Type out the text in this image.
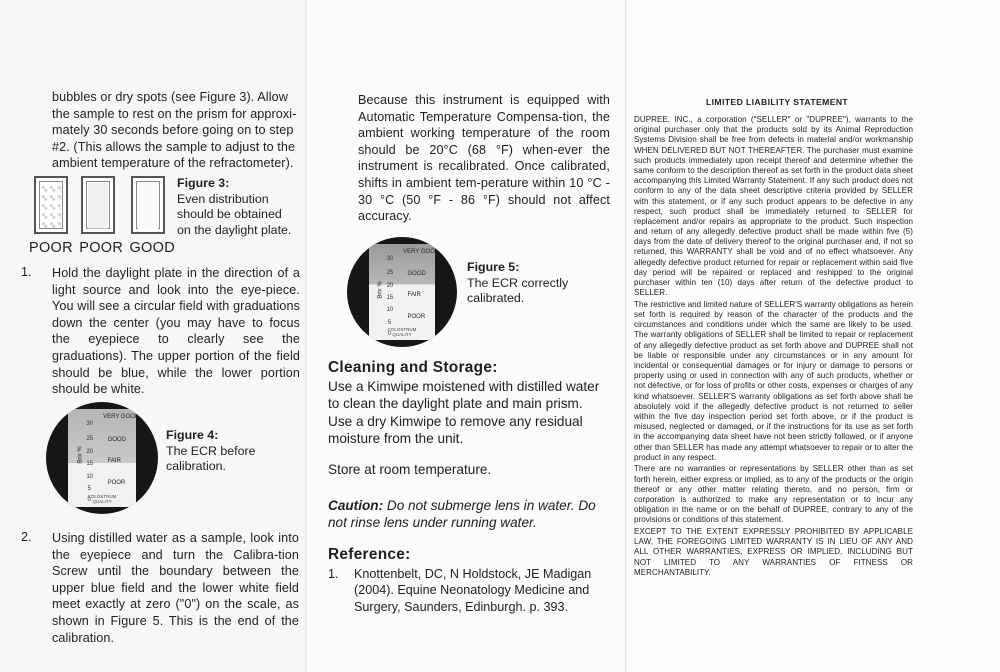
bubbles or dry spots (see Figure 3). Allow

the sample to rest on the prism for approxi-

mately 30 seconds before going on to step

#2. (This allows the sample to adjust to the

ambient temperature of the refractometer).

POOR POOR GOOD
Figure 3:
Even distribution
should be obtained
on the daylight plate.
1. Hold the daylight plate in the direction of a light source and look into the eye-piece. You will see a circular field with graduations down the center (you may have to focus the eyepiece to clearly see the graduations). The upper portion of the field should be blue, while the lower portion should be white.
VERY GOOD
GOOD
FAIR
POOR
30
25
20
15
10
5
0
Brix %
COLOSTRUM QUALITY
Figure 4:
The ECR before
calibration.
2. Using distilled water as a sample, look into the eyepiece and turn the Calibra-tion Screw until the boundary between the upper blue field and the lower white field meet exactly at zero ("0") on the scale, as shown in Figure 5. This is the end of the calibration.
Because this instrument is equipped with Automatic Temperature Compensa-tion, the ambient working temperature of the room should be 20°C (68 °F) when-ever the instrument is recalibrated. Once calibrated, shifts in ambient tem-perature within 10 °C - 30 °C (50 °F - 86 °F) should not affect accuracy.
VERY GOOD
GOOD
FAIR
POOR
30
25
20
15
10
5
0
Brix %
COLOSTRUM QUALITY
Figure 5:
The ECR correctly
calibrated.
Cleaning and Storage:
Use a Kimwipe moistened with distilled water to clean the daylight plate and main prism. Use a dry Kimwipe to remove any residual moisture from the unit.
Store at room temperature.
Caution: Do not submerge lens in water. Do not rinse lens under running water.
Reference:
1.	Knottenbelt, DC, N Holdstock, JE Madigan (2004). Equine Neonatology Medicine and Surgery, Saunders, Edinburgh. p. 393.
LIMITED LIABILITY STATEMENT

DUPREE, INC., a corporation ("SELLER" or "DUPREE"), warrants to the original purchaser only that the products sold by its Animal Reproduction Systems Division shall be free from defects in material and/or workmanship WHEN DELIVERED BUT NOT THEREAFTER. The purchaser must examine such products immediately upon receipt thereof and determine whether the same conform to the description thereof as set forth in the product data sheet accompanying this Limited Warranty Statement. If any such product does not conform to any of the data sheet descriptive criteria provided by SELLER with this statement, or if any such product appears to be defective in any respect, such product shall be immediately returned to SELLER for replacement and/or repairs as appropriate to the product. Such inspection and return of any allegedly defective product shall be made within five (5) days from the date of delivery thereof to the original purchaser and, if not so returned, this WARRANTY shall be void and of no effect whatsoever. Any allegedly defective product returned for repair or replacement within said five day period will be repaired or replaced and reshipped to the original purchaser within ten (10) days after return of the defective product to SELLER.

The restrictive and limited nature of SELLER'S warranty obligations as herein set forth is required by reason of the character of the products and the circumstances and conditions under which the same are likely to be used. The warranty obligations of SELLER shall be limited to repair or replacement of any allegedly defective product as set forth above and DUPREE shall not be liable or responsible under any circumstances or in any amount for incidental or consequential damages or for injury or damage to persons or property using or used in connection with any of such products, whether or not defective, or for loss of profits or other costs, expenses or charges of any kind whatsoever. SELLER'S warranty obligations as set forth above shall be absolutely void if the allegedly defective product is not returned to seller within the five day inspection period set forth above, or if the product is misused, neglected or damaged, or if the instructions for its use as set forth in the accompanying data sheet have not been strictly followed, or if anyone other than SELLER has made any attempt whatsoever to repair or to alter the product in any respect.

There are no warranties or representations by SELLER other than as set forth herein, either express or implied, as to any of the products or the origin thereof or any other matter relating thereto, and no person, firm or corporation is authorized to make any representation or to incur any obligation in the name or on the behalf of DUPREE, contrary to any of the provisions or conditions of this statement.

EXCEPT TO THE EXTENT EXPRESSLY PROHIBITED BY APPLICABLE LAW, THE FOREGOING LIMITED WARRANTY IS IN LIEU OF ANY AND ALL OTHER WARRANTIES, EXPRESS OR IMPLIED, INCLUDING BUT NOT LIMITED TO ANY WARRANTIES OF FITNESS OR MERCHANTABILITY.
